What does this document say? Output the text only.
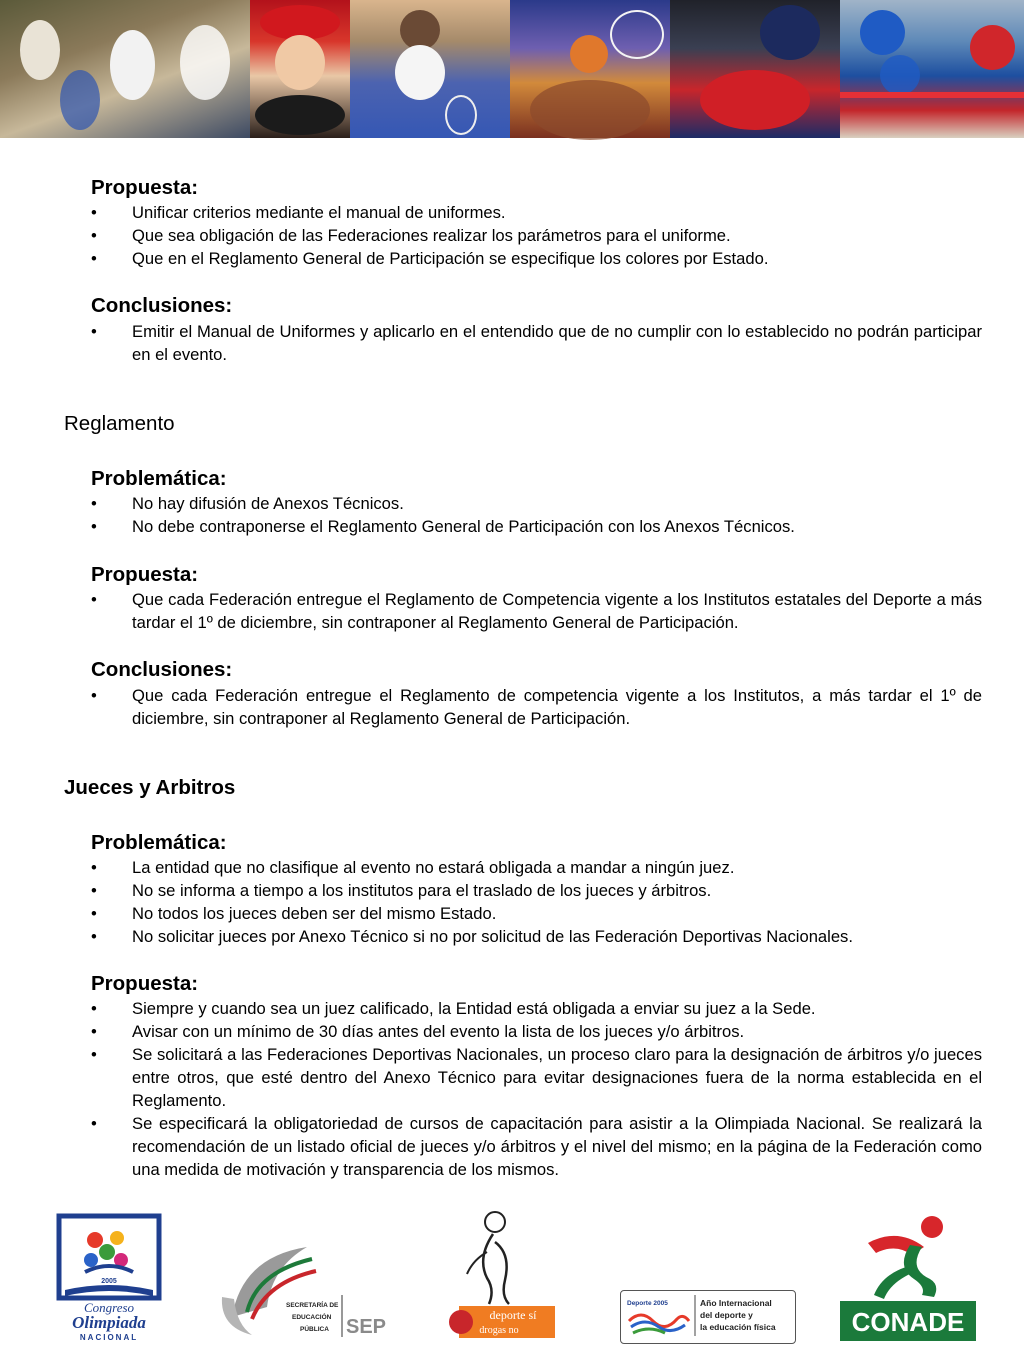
Propuesta:
•	Unificar criterios mediante el manual de uniformes.
•	Que sea obligación de las Federaciones realizar los parámetros para el uniforme.
•	Que en el Reglamento General de Participación se especifique los colores por Estado.
Conclusiones:
•	Emitir el Manual de Uniformes y aplicarlo en el entendido que de no cumplir con lo establecido no podrán participar en el evento.
Reglamento
Problemática:
•	No hay difusión de Anexos Técnicos.
•	No debe contraponerse el Reglamento General de Participación con los Anexos Técnicos.
Propuesta:
•	Que cada Federación entregue el Reglamento de Competencia vigente a los Institutos estatales del Deporte a más tardar el 1º de diciembre, sin contraponer al Reglamento General de Participación.
Conclusiones:
•	Que cada Federación entregue el Reglamento de competencia vigente a los Institutos, a más tardar el 1º de diciembre, sin contraponer al Reglamento General de Participación.
Jueces y Arbitros
Problemática:
•	La entidad que no clasifique al evento no estará obligada a mandar a ningún juez.
•	No se informa a tiempo a los institutos para el traslado de los jueces y árbitros.
•	No todos los jueces deben ser del mismo Estado.
•	No solicitar jueces por Anexo Técnico si no por solicitud de las Federación Deportivas Nacionales.
Propuesta:
•	Siempre y cuando sea un juez calificado, la Entidad está obligada a enviar su juez a la Sede.
•	Avisar con un mínimo de 30 días antes del evento la lista de los jueces y/o árbitros.
•	Se solicitará a las Federaciones Deportivas Nacionales, un proceso claro para la designación de árbitros y/o jueces entre otros, que esté dentro del Anexo Técnico para evitar designaciones fuera de la norma establecida en el Reglamento.
•	Se especificará la obligatoriedad de cursos de capacitación para asistir a la Olimpiada Nacional. Se realizará la recomendación de un listado oficial de jueces y/o árbitros y el nivel del mismo; en la página de la Federación como una medida de motivación y transparencia de los mismos.
2005
Congreso
Olimpiada
NACIONAL
SECRETARÍA DE
EDUCACIÓN
PÚBLICA SEP
deporte sí
drogas no
Deporte 2005	Año Internacional
del deporte y
la educación física	CONADE
